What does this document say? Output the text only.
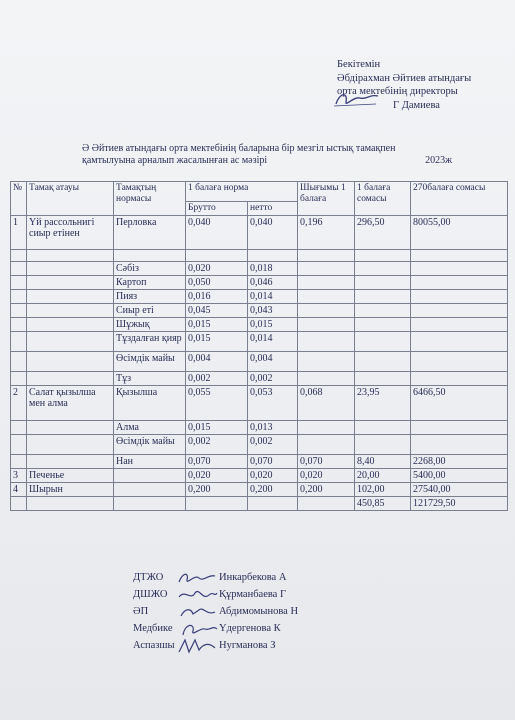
Бекітемін
Әбдірахман Әйтиев атындағы
орта мектебінің директоры
Г Дамиева
Ә Әйтиев атындағы орта мектебінің баларына бір мезгіл ыстық тамақпен
қамтылуына арналып жасалынған ас мәзірі	2023ж
№	Тамақ атауы	Тамақтың нормасы	1 балаға норма		Шығымы 1 балаға	1 балаға сомасы	270балаға сомасы
			Брутто	нетто			
1	Үй рассольнигі сиыр етінен	Перловка	0,040	0,040	0,196	296,50	80055,00

		Сәбіз	0,020	0,018			
		Картоп	0,050	0,046			
		Пияз	0,016	0,014			
		Сиыр еті	0,045	0,043			
		Шұжық	0,015	0,015			
		Тұздалған қияр	0,015	0,014			
		Өсімдік майы	0,004	0,004			
		Тұз	0,002	0,002			
2	Салат қызылша мен алма	Қызылша	0,055	0,053	0,068	23,95	6466,50
		Алма	0,015	0,013			
		Өсімдік майы	0,002	0,002			
		Нан	0,070	0,070	0,070	8,40	2268,00
3	Печенье		0,020	0,020	0,020	20,00	5400,00
4	Шырын		0,200	0,200	0,200	102,00	27540,00
						450,85	121729,50
ДТЖО	Инкарбекова А
ДШЖО	Құрманбаева Г
ӘП	Абдимомынова Н
Медбике	Үдергенова К
Аспазшы	Нугманова З
